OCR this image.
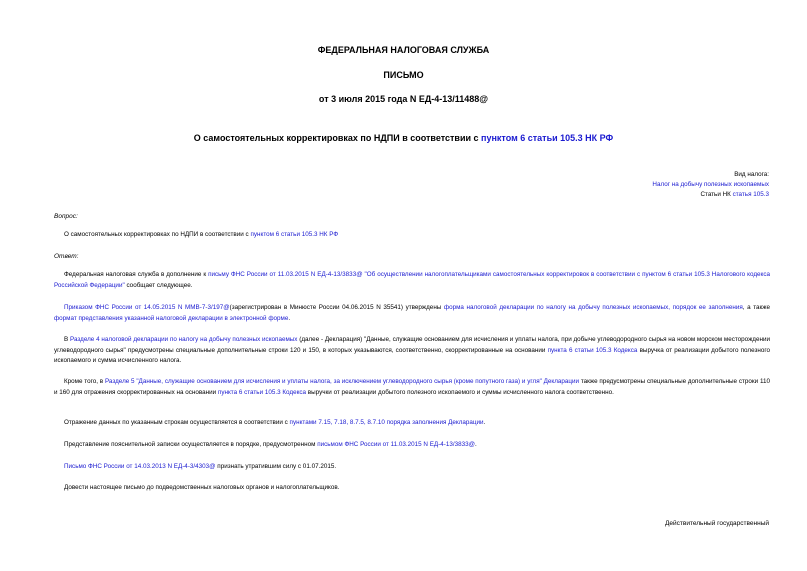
ФЕДЕРАЛЬНАЯ НАЛОГОВАЯ СЛУЖБА
ПИСЬМО
от 3 июля 2015 года N ЕД-4-13/11488@
О самостоятельных корректировках по НДПИ в соответствии с пунктом 6 статьи 105.3 НК РФ
Вид налога:
Налог на добычу полезных ископаемых
Статьи НК статья 105.3
Вопрос:
О самостоятельных корректировках по НДПИ в соответствии с пунктом 6 статьи 105.3 НК РФ
Ответ:
Федеральная налоговая служба в дополнение к письму ФНС России от 11.03.2015 N ЕД-4-13/3833@ "Об осуществлении налогоплательщиками самостоятельных корректировок в соответствии с пунктом 6 статьи 105.3 Налогового кодекса Российской Федерации" сообщает следующее.
Приказом ФНС России от 14.05.2015 N ММВ-7-3/197@(зарегистрирован в Минюсте России 04.06.2015 N 35541) утверждены форма налоговой декларации по налогу на добычу полезных ископаемых, порядок ее заполнения, а также формат представления указанной налоговой декларации в электронной форме.
В Разделе 4 налоговой декларации по налогу на добычу полезных ископаемых (далее - Декларация) "Данные, служащие основанием для исчисления и уплаты налога, при добыче углеводородного сырья на новом морском месторождении углеводородного сырья" предусмотрены специальные дополнительные строки 120 и 150, в которых указываются, соответственно, скорректированные на основании пункта 6 статьи 105.3 Кодекса выручка от реализации добытого полезного ископаемого и сумма исчисленного налога.
Кроме того, в Разделе 5 "Данные, служащие основанием для исчисления и уплаты налога, за исключением углеводородного сырья (кроме попутного газа) и угля" Декларации также предусмотрены специальные дополнительные строки 110 и 160 для отражения скорректированных на основании пункта 6 статьи 105.3 Кодекса выручки от реализации добытого полезного ископаемого и суммы исчисленного налога соответственно.
Отражение данных по указанным строкам осуществляется в соответствии с пунктами 7.15, 7.18, 8.7.5, 8.7.10 порядка заполнения Декларации.
Представление пояснительной записки осуществляется в порядке, предусмотренном письмом ФНС России от 11.03.2015 N ЕД-4-13/3833@.
Письмо ФНС России от 14.03.2013 N ЕД-4-3/4303@ признать утратившим силу с 01.07.2015.
Довести настоящее письмо до подведомственных налоговых органов и налогоплательщиков.
Действительный государственный
